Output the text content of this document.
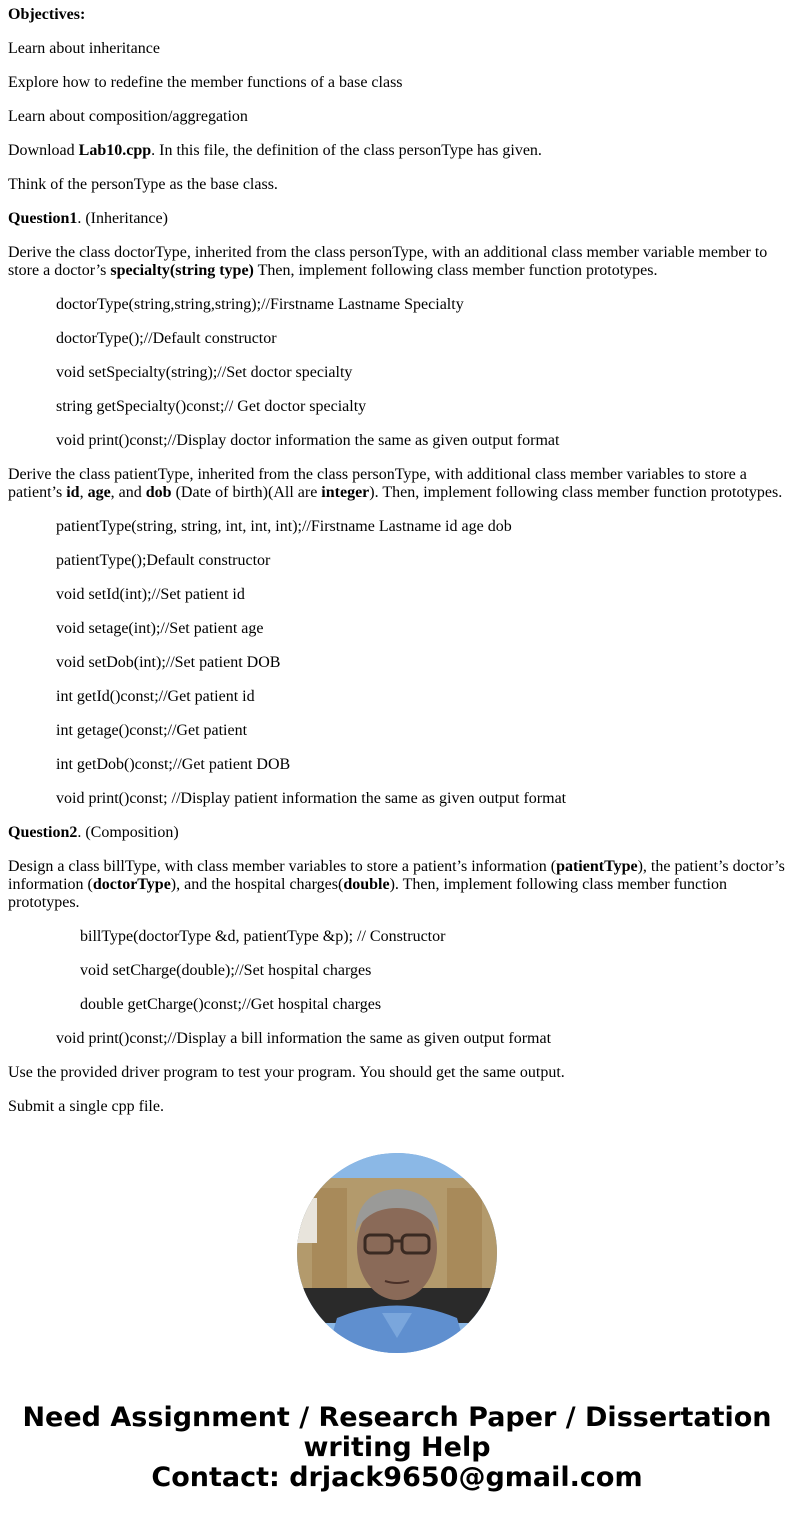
Objectives:

Learn about inheritance

Explore how to redefine the member functions of a base class

Learn about composition/aggregation

Download Lab10.cpp. In this file, the definition of the class personType has given.

Think of the personType as the base class.

Question1. (Inheritance)

Derive the class doctorType, inherited from the class personType, with an additional class member variable member to store a doctor’s specialty(string type) Then, implement following class member function prototypes.

doctorType(string,string,string);//Firstname Lastname Specialty

doctorType();//Default constructor

void setSpecialty(string);//Set doctor specialty

string getSpecialty()const;// Get doctor specialty

void print()const;//Display doctor information the same as given output format

Derive the class patientType, inherited from the class personType, with additional class member variables to store a patient’s id, age, and dob (Date of birth)(All are integer). Then, implement following class member function prototypes.

patientType(string, string, int, int, int);//Firstname Lastname id age dob

patientType();Default constructor

void setId(int);//Set patient id

void setage(int);//Set patient age

void setDob(int);//Set patient DOB

int getId()const;//Get patient id

int getage()const;//Get patient

int getDob()const;//Get patient DOB

void print()const; //Display patient information the same as given output format

Question2. (Composition)

Design a class billType, with class member variables to store a patient’s information (patientType), the patient’s doctor’s information (doctorType), and the hospital charges(double). Then, implement following class member function prototypes.

billType(doctorType &d, patientType &p); // Constructor

void setCharge(double);//Set hospital charges

double getCharge()const;//Get hospital charges

void print()const;//Display a bill information the same as given output format

Use the provided driver program to test your program. You should get the same output.

Submit a single cpp file.

Need Assignment / Research Paper / Dissertation
writing Help
Contact: drjack9650@gmail.com
